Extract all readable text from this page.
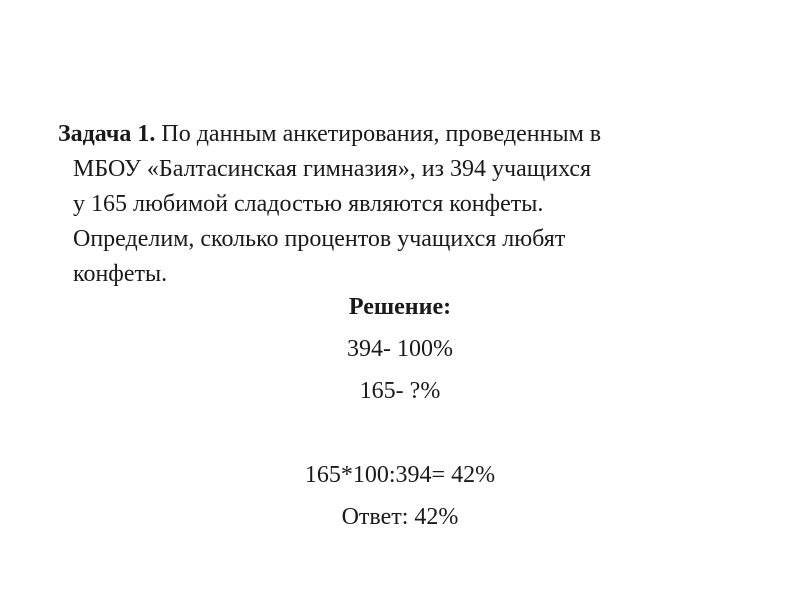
Задача 1. По данным анкетирования, проведенным в
МБОУ «Балтасинская гимназия», из 394 учащихся
у 165 любимой сладостью являются конфеты.
Определим, сколько процентов учащихся любят
конфеты.
Решение:
394- 100%
165- ?%
165*100:394= 42%
Ответ: 42%
